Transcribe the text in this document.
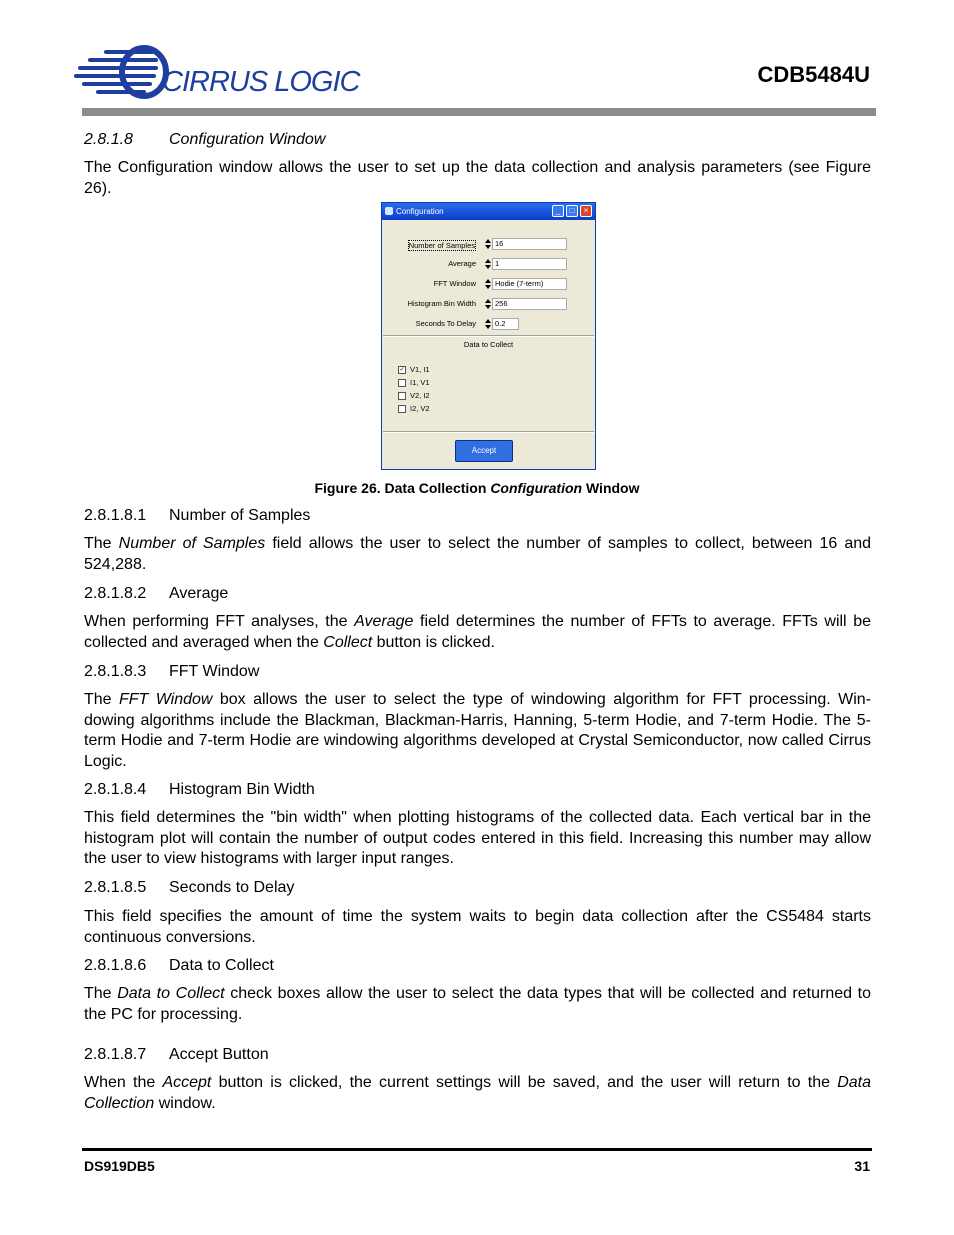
CIRRUS LOGIC	CDB5484U
2.8.1.8 Configuration Window
The Configuration window allows the user to set up the data collection and analysis parameters (see Figure 26).
Configuration	_	□	×
Number of Samples	16
Average	1
FFT Window	Hodie (7-term)
Histogram Bin Width	256
Seconds To Delay	0.2
Data to Collect
✓ V1, I1
I1, V1
V2, I2
I2, V2
Accept
Figure 26. Data Collection Configuration Window
2.8.1.8.1 Number of Samples
The Number of Samples field allows the user to select the number of samples to collect, between 16 and 524,288.
2.8.1.8.2 Average
When performing FFT analyses, the Average field determines the number of FFTs to average. FFTs will be collected and averaged when the Collect button is clicked.
2.8.1.8.3 FFT Window
The FFT Window box allows the user to select the type of windowing algorithm for FFT processing. Win-dowing algorithms include the Blackman, Blackman-Harris, Hanning, 5-term Hodie, and 7-term Hodie. The 5-term Hodie and 7-term Hodie are windowing algorithms developed at Crystal Semiconductor, now called Cirrus Logic.
2.8.1.8.4 Histogram Bin Width
This field determines the "bin width" when plotting histograms of the collected data. Each vertical bar in the histogram plot will contain the number of output codes entered in this field. Increasing this number may allow the user to view histograms with larger input ranges.
2.8.1.8.5 Seconds to Delay
This field specifies the amount of time the system waits to begin data collection after the CS5484 starts continuous conversions.
2.8.1.8.6 Data to Collect
The Data to Collect check boxes allow the user to select the data types that will be collected and returned to the PC for processing.
2.8.1.8.7 Accept Button
When the Accept button is clicked, the current settings will be saved, and the user will return to the Data Collection window.
DS919DB5	31
